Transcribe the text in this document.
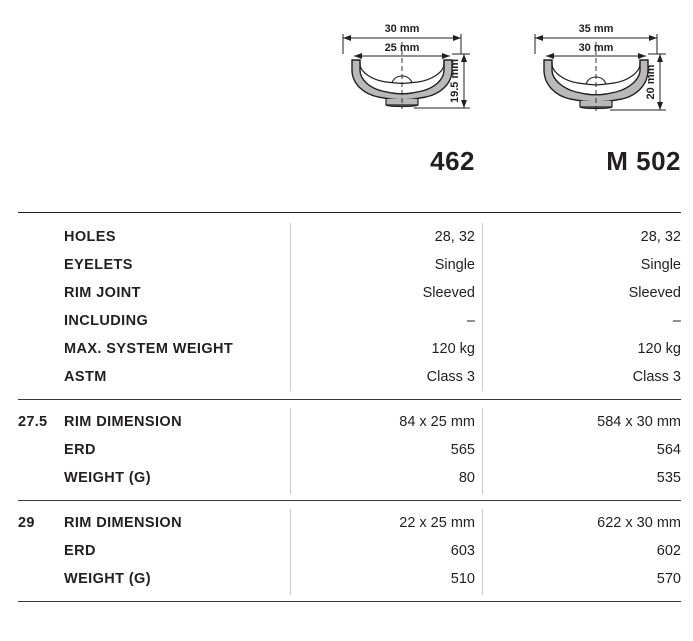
30 mm
25 mm
19.5 mm
35 mm
30 mm
20 mm
462	M 502
HOLES	28, 32	28, 32
EYELETS	Single	Single
RIM JOINT	Sleeved	Sleeved
INCLUDING	–	–
MAX. SYSTEM WEIGHT	120 kg	120 kg
ASTM	Class 3	Class 3
27.5	RIM DIMENSION	84 x 25 mm	584 x 30 mm
ERD	565	564
WEIGHT (G)	80	535
29	RIM DIMENSION	22 x 25 mm	622 x 30 mm
ERD	603	602
WEIGHT (G)	510	570
